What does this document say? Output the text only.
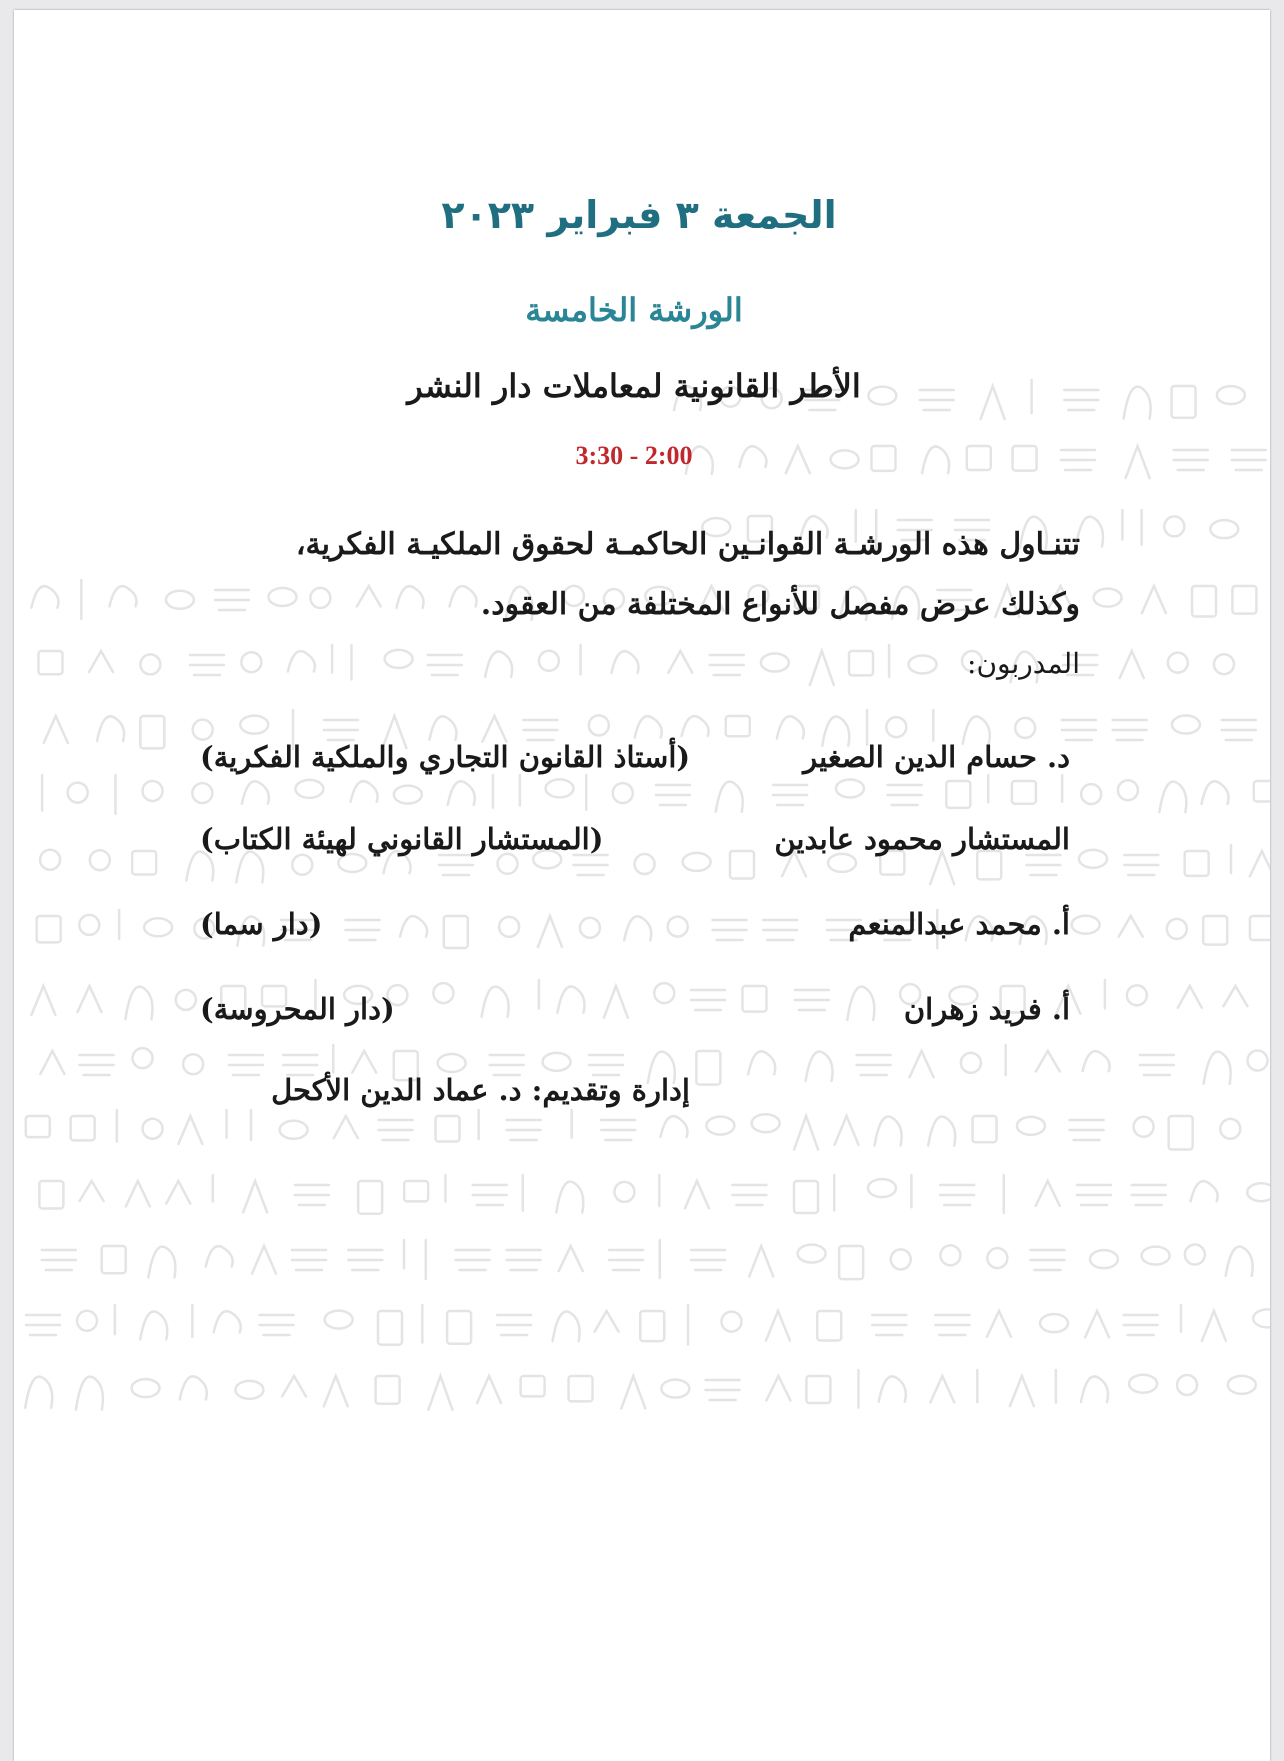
الجمعة ٣ فبراير ٢٠٢٣
الورشة الخامسة
الأطر القانونية لمعاملات دار النشر
3:30 - 2:00
تتنـاول هذه الورشـة القوانـين الحاكمـة لحقوق الملكيـة الفكرية،
وكذلك عرض مفصل للأنواع المختلفة من العقود.
المدربون:
د. حسام الدين الصغير
(أستاذ القانون التجاري والملكية الفكرية)
المستشار محمود عابدين
(المستشار القانوني لهيئة الكتاب)
أ. محمد عبدالمنعم
(دار سما)
أ. فريد زهران
(دار المحروسة)
إدارة وتقديم: د. عماد الدين الأكحل
